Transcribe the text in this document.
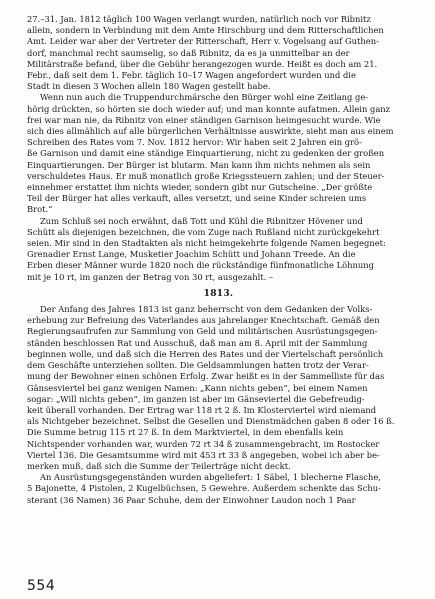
27.–31. Jan. 1812 täglich 100 Wagen verlangt wurden, natürlich noch vor Ribnitz
allein, sondern in Verbindung mit dem Amte Hirschburg und dem Ritterschaftlichen
Amt. Leider war aber der Vertreter der Ritterschaft, Herr v. Vogelsang auf Guthen-
dorf, manchmal recht saumselig, so daß Ribnitz, da es ja unmittelbar an der
Militärstraße befand, über die Gebühr herangezogen wurde. Heißt es doch am 21.
Febr., daß seit dem 1. Febr. täglich 10–17 Wagen angefordert wurden und die
Stadt in diesen 3 Wochen allein 180 Wagen gestellt habe.

Wenn nun auch die Truppendurchmärsche den Bürger wohl eine Zeitlang ge-
hörig drückten, so hörten sie doch wieder auf; und man konnte aufatmen. Allein ganz
frei war man nie, da Ribnitz von einer ständigen Garnison heimgesucht wurde. Wie
sich dies allmählich auf alle bürgerlichen Verhältnisse auswirkte, sieht man aus einem
Schreiben des Rates vom 7. Nov. 1812 hervor: Wir haben seit 2 Jahren ein grö-
ße Garnison und damit eine ständige Einquartierung, nicht zu gedenken der großen
Einquartierungen. Der Bürger ist blutarm. Man kann ihm nichts nehmen als sein
verschuldetes Haus. Er muß monatlich große Kriegssteuern zahlen; und der Steuer-
einnehmer erstattet ihm nichts wieder, sondern gibt nur Gutscheine. „Der größte
Teil der Bürger hat alles verkauft, alles versetzt, und seine Kinder schreien ums
Brot.“

Zum Schluß sei noch erwähnt, daß Tott und Kühl die Ribnitzer Hövener und
Schütt als diejenigen bezeichnen, die vom Zuge nach Rußland nicht zurückgekehrt
seien. Mir sind in den Stadtakten als nicht heimgekehrte folgende Namen begegnet:
Grenadier Ernst Lange, Musketier Joachim Schütt und Johann Treede. An die
Erben dieser Männer wurde 1820 noch die rückständige fünfmonatliche Löhnung
mit je 10 rt, im ganzen der Betrag von 30 rt, ausgezahlt. –

1813.

Der Anfang des Jahres 1813 ist ganz beherrscht von dem Gedanken der Volks-
erhebung zur Befreiung des Vaterlandes aus jahrelanger Knechtschaft. Gemäß den
Regierungsaufrufen zur Sammlung von Geld und militärischen Ausrüstungsgegen-
ständen beschlossen Rat und Ausschuß, daß man am 8. April mit der Sammlung
beginnen wolle, und daß sich die Herren des Rates und der Viertelschaft persönlich
dem Geschäfte unterziehen sollten. Die Geldsammlungen hatten trotz der Verar-
mung der Bewohner einen schönen Erfolg. Zwar heißt es in der Sammelliste für das
Gänsesviertel bei ganz wenigen Namen: „Kann nichts geben“, bei einem Namen
sogar: „Will nichts geben“, im ganzen ist aber im Gänseviertel die Gebefreudig-
keit überall vorhanden. Der Ertrag war 118 rt 2 ß. Im Klosterviertel wird niemand
als Nichtgeber bezeichnet. Selbst die Gesellen und Dienstmädchen gaben 8 oder 16 ß.
Die Summe betrug 115 rt 27 ß. In dem Marktviertel, in dem ebenfalls kein
Nichtspender vorhanden war, wurden 72 rt 34 ß zusammengebracht, im Rostocker
Viertel 136. Die Gesamtsumme wird mit 453 rt 33 ß angegeben, wobei ich aber be-
merken muß, daß sich die Summe der Teilerträge nicht deckt.

An Ausrüstungsgegenständen wurden abgeliefert: 1 Säbel, 1 blecherne Flasche,
5 Bajonette, 4 Pistolen, 2 Kugelbüchsen, 5 Gewehre. Außerdem schenkte das Schu-
sterant (36 Namen) 36 Paar Schuhe, dem der Einwohner Laudon noch 1 Paar

554
